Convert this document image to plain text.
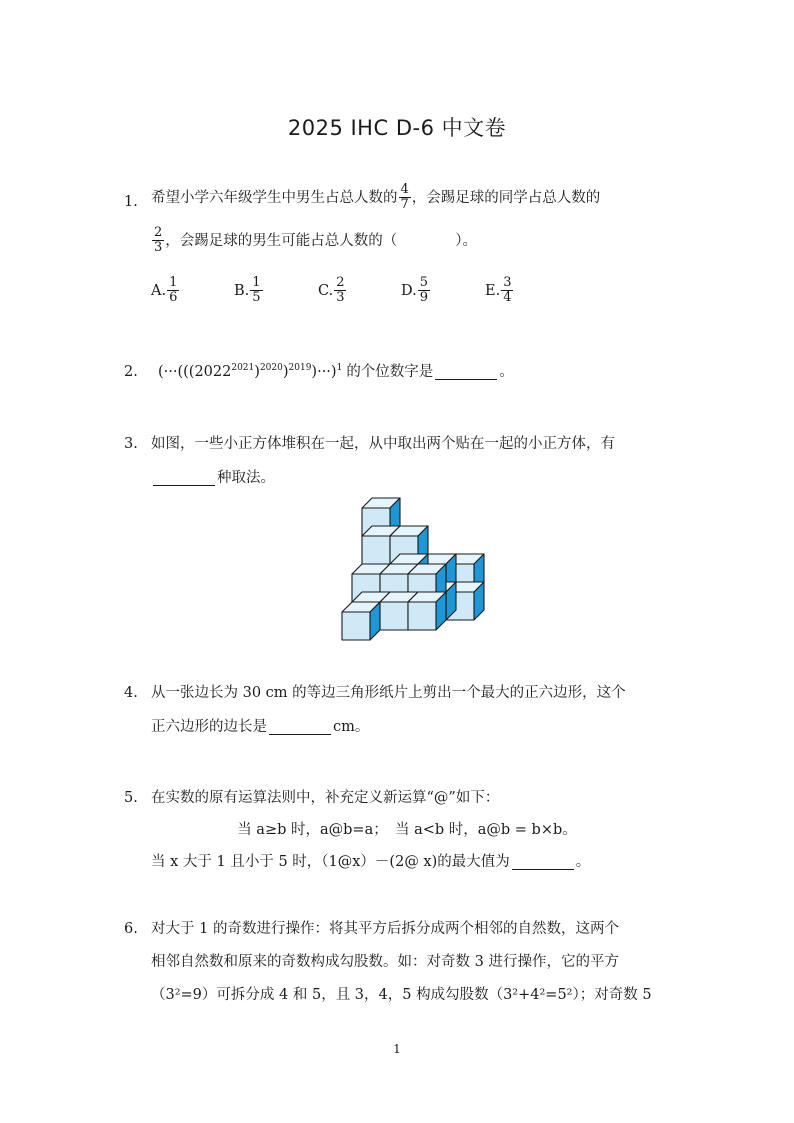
2025 IHC D-6 中文卷
1. 希望小学六年级学生中男生占总人数的 $\frac{4}{7}$ ，会踢足球的同学占总人数的
$\frac{2}{3}$ ，会踢足球的男生可能占总人数的（　　　　）。
A. $\frac{1}{6}$	B. $\frac{1}{5}$	C. $\frac{2}{3}$	D. $\frac{5}{9}$	E. $\frac{3}{4}$
2. $(\cdot\cdot\cdot(((2022^{2021})^{2020})^{2019})\cdot\cdot\cdot)^1$ 的个位数字是	。
3. 如图，一些小正方体堆积在一起，从中取出两个贴在一起的小正方体，有
种取法。
4. 从一张边长为 30 cm 的等边三角形纸片上剪出一个最大的正六边形，这个
正六边形的边长是	cm。
5. 在实数的原有运算法则中，补充定义新运算“@”如下：
当 a≥b 时，a@b=a；　当 a<b 时，a@b = b×b。
当 x 大于 1 且小于 5 时，（1@x）－(2@ x)的最大值为	。
6. 对大于 1 的奇数进行操作：将其平方后拆分成两个相邻的自然数，这两个
相邻自然数和原来的奇数构成勾股数。如：对奇数 3 进行操作，它的平方
（3²=9）可拆分成 4 和 5，且 3，4，5 构成勾股数（3²+4²=5²）；对奇数 5
1
